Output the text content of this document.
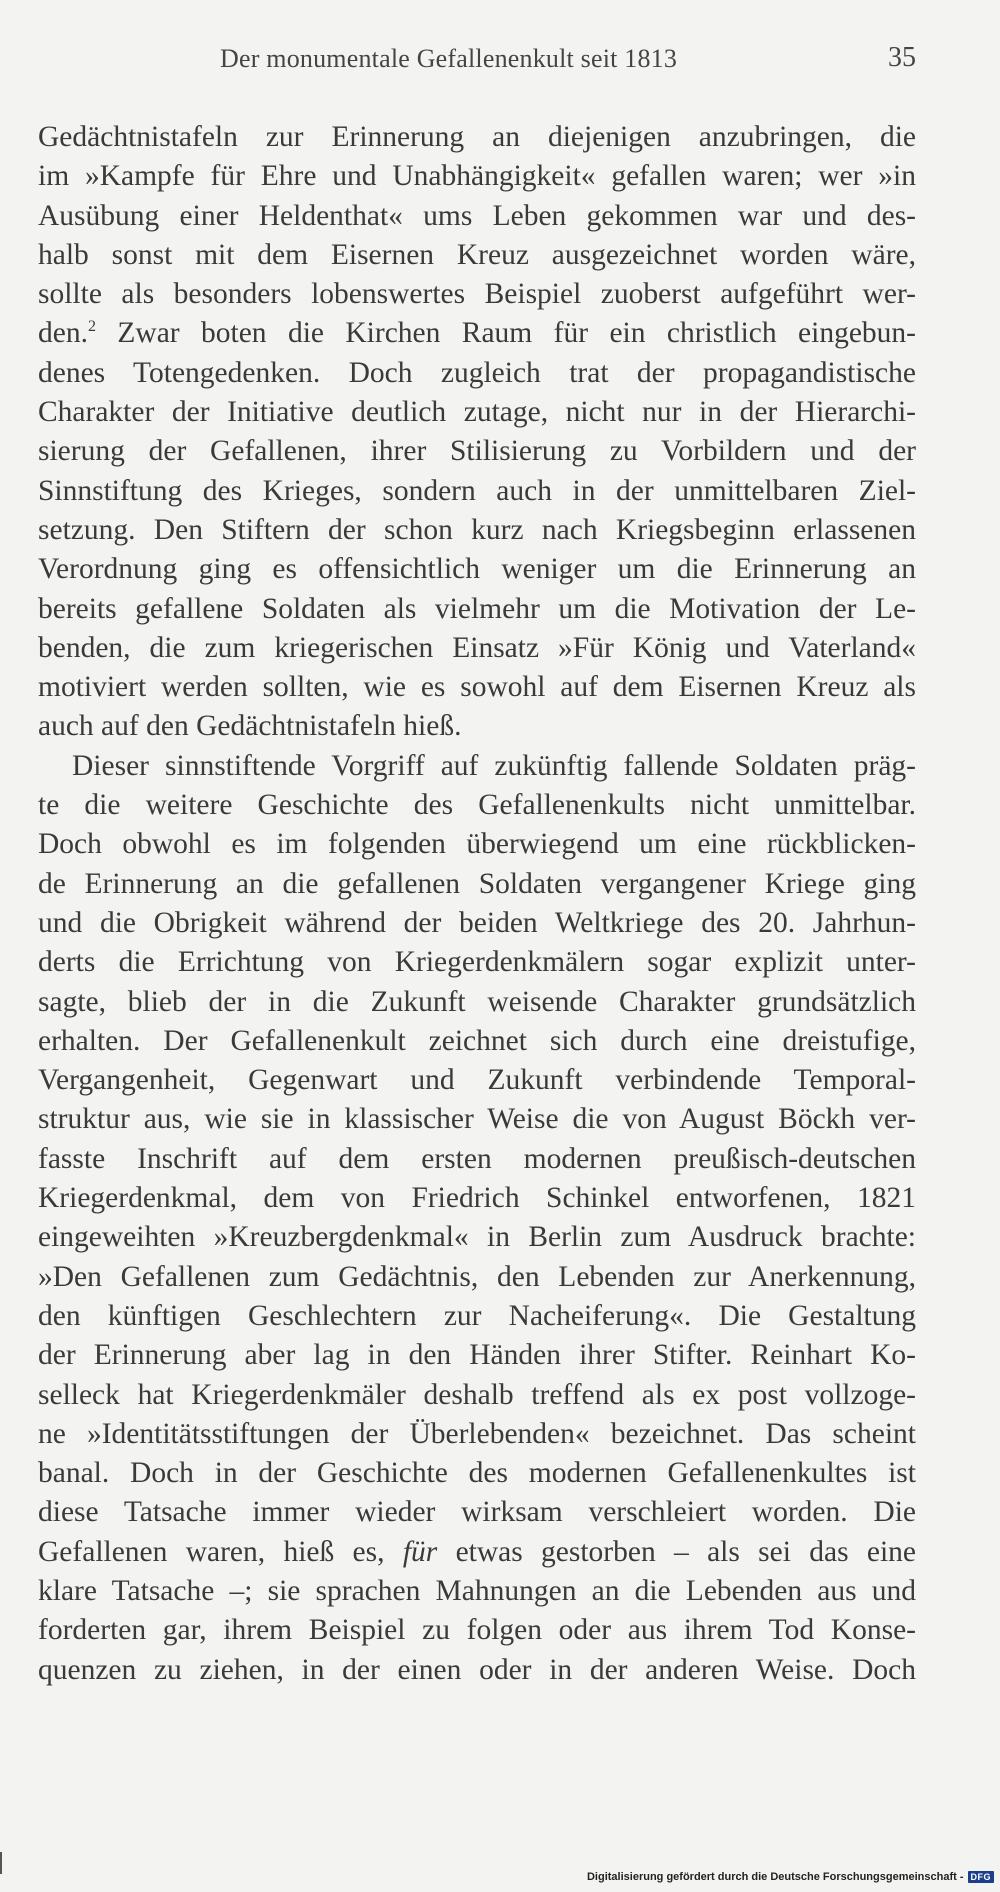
Der monumentale Gefallenenkult seit 1813	35
Gedächtnistafeln zur Erinnerung an diejenigen anzubringen, die
im »Kampfe für Ehre und Unabhängigkeit« gefallen waren; wer »in
Ausübung einer Heldenthat« ums Leben gekommen war und des-
halb sonst mit dem Eisernen Kreuz ausgezeichnet worden wäre,
sollte als besonders lobenswertes Beispiel zuoberst aufgeführt wer-
den.$^2$ Zwar boten die Kirchen Raum für ein christlich eingebun-
denes Totengedenken. Doch zugleich trat der propagandistische
Charakter der Initiative deutlich zutage, nicht nur in der Hierarchi-
sierung der Gefallenen, ihrer Stilisierung zu Vorbildern und der
Sinnstiftung des Krieges, sondern auch in der unmittelbaren Ziel-
setzung. Den Stiftern der schon kurz nach Kriegsbeginn erlassenen
Verordnung ging es offensichtlich weniger um die Erinnerung an
bereits gefallene Soldaten als vielmehr um die Motivation der Le-
benden, die zum kriegerischen Einsatz »Für König und Vaterland«
motiviert werden sollten, wie es sowohl auf dem Eisernen Kreuz als
auch auf den Gedächtnistafeln hieß.
Dieser sinnstiftende Vorgriff auf zukünftig fallende Soldaten präg-
te die weitere Geschichte des Gefallenenkults nicht unmittelbar.
Doch obwohl es im folgenden überwiegend um eine rückblicken-
de Erinnerung an die gefallenen Soldaten vergangener Kriege ging
und die Obrigkeit während der beiden Weltkriege des 20. Jahrhun-
derts die Errichtung von Kriegerdenkmälern sogar explizit unter-
sagte, blieb der in die Zukunft weisende Charakter grundsätzlich
erhalten. Der Gefallenenkult zeichnet sich durch eine dreistufige,
Vergangenheit, Gegenwart und Zukunft verbindende Temporal-
struktur aus, wie sie in klassischer Weise die von August Böckh ver-
fasste Inschrift auf dem ersten modernen preußisch-deutschen
Kriegerdenkmal, dem von Friedrich Schinkel entworfenen, 1821
eingeweihten »Kreuzbergdenkmal« in Berlin zum Ausdruck brachte:
»Den Gefallenen zum Gedächtnis, den Lebenden zur Anerkennung,
den künftigen Geschlechtern zur Nacheiferung«. Die Gestaltung
der Erinnerung aber lag in den Händen ihrer Stifter. Reinhart Ko-
selleck hat Kriegerdenkmäler deshalb treffend als ex post vollzoge-
ne »Identitätsstiftungen der Überlebenden« bezeichnet. Das scheint
banal. Doch in der Geschichte des modernen Gefallenenkultes ist
diese Tatsache immer wieder wirksam verschleiert worden. Die
Gefallenen waren, hieß es, für etwas gestorben – als sei das eine
klare Tatsache –; sie sprachen Mahnungen an die Lebenden aus und
forderten gar, ihrem Beispiel zu folgen oder aus ihrem Tod Konse-
quenzen zu ziehen, in der einen oder in der anderen Weise. Doch
Digitalisierung gefördert durch die Deutsche Forschungsgemeinschaft - DFG
